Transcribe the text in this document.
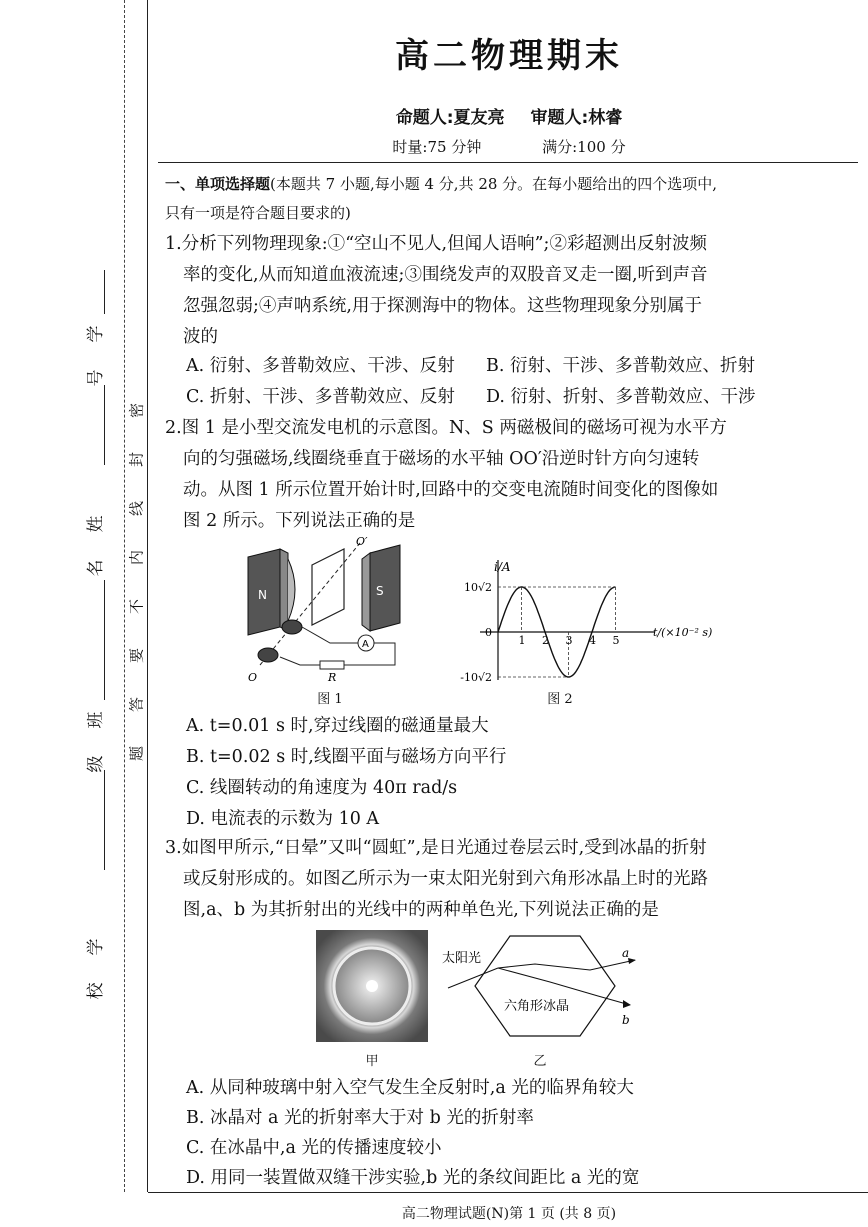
学
号
姓
名
班
级
学
校
密
封
线
内
不
要
答
题
高二物理期末
命题人:夏友亮 审题人:林睿
时量:75 分钟	满分:100 分
一、单项选择题(本题共 7 小题,每小题 4 分,共 28 分。在每小题给出的四个选项中,
只有一项是符合题目要求的)
1.分析下列物理现象:①“空山不见人,但闻人语响”;②彩超测出反射波频
率的变化,从而知道血液流速;③围绕发声的双股音叉走一圈,听到声音
忽强忽弱;④声呐系统,用于探测海中的物体。这些物理现象分别属于
波的
A. 衍射、多普勒效应、干涉、反射 B. 衍射、干涉、多普勒效应、折射
C. 折射、干涉、多普勒效应、反射 D. 衍射、折射、多普勒效应、干涉
2.图 1 是小型交流发电机的示意图。N、S 两磁极间的磁场可视为水平方
向的匀强磁场,线圈绕垂直于磁场的水平轴 OO′沿逆时针方向匀速转
动。从图 1 所示位置开始计时,回路中的交变电流随时间变化的图像如
图 2 所示。下列说法正确的是
N	S
O′
O
A
R
图 1
i/A
t/(×10⁻² s)
1 2 3 4 5
10√2
0
-10√2
图 2
A. t=0.01 s 时,穿过线圈的磁通量最大
B. t=0.02 s 时,线圈平面与磁场方向平行
C. 线圈转动的角速度为 40π rad/s
D. 电流表的示数为 10 A
3.如图甲所示,“日晕”又叫“圆虹”,是日光通过卷层云时,受到冰晶的折射
或反射形成的。如图乙所示为一束太阳光射到六角形冰晶上时的光路
图,a、b 为其折射出的光线中的两种单色光,下列说法正确的是
甲
太阳光	a
b
六角形冰晶
乙
A. 从同种玻璃中射入空气发生全反射时,a 光的临界角较大
B. 冰晶对 a 光的折射率大于对 b 光的折射率
C. 在冰晶中,a 光的传播速度较小
D. 用同一装置做双缝干涉实验,b 光的条纹间距比 a 光的宽
高二物理试题(N)第 1 页 (共 8 页)
